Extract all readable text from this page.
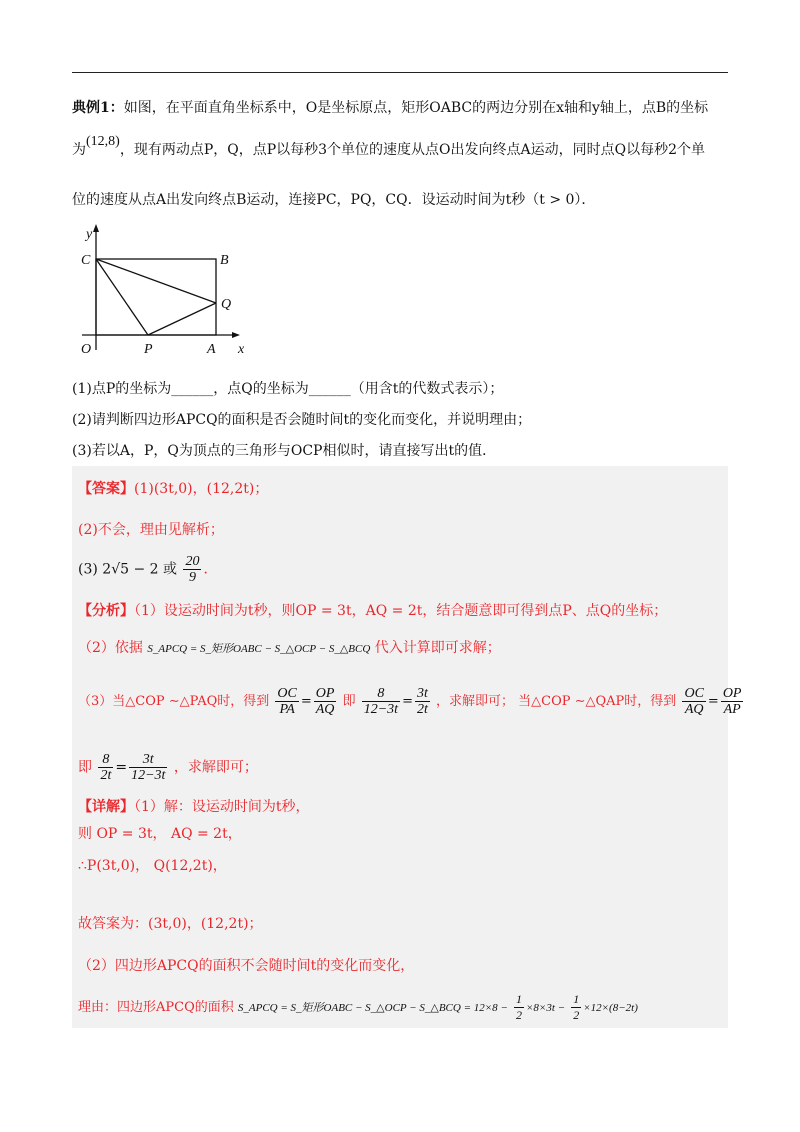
典例1：如图，在平面直角坐标系中，O是坐标原点，矩形OABC的两边分别在x轴和y轴上，点B的坐标
为(12,8)，现有两动点P，Q，点P以每秒3个单位的速度从点O出发向终点A运动，同时点Q以每秒2个单
位的速度从点A出发向终点B运动，连接PC，PQ，CQ．设运动时间为t秒（t > 0）．
y
x
O	A
B
C
P
Q
(1)点P的坐标为______，点Q的坐标为______（用含t的代数式表示）；
(2)请判断四边形APCQ的面积是否会随时间t的变化而变化，并说明理由；
(3)若以A，P，Q为顶点的三角形与OCP相似时，请直接写出t的值．
【答案】(1)(3t,0)，(12,2t)；
(2)不会，理由见解析；
(3) 2√5 − 2 或 $\frac{20}{9}$ ．
【分析】（1）设运动时间为t秒，则OP = 3t，AQ = 2t，结合题意即可得到点P、点Q的坐标；
（2）依据 S_APCQ = S_矩形OABC − S_△OCP − S_△BCQ 代入计算即可求解；
（3）当△COP ∼△PAQ时，得到 $\frac{OC}{PA} = \frac{OP}{AQ}$ 即 $\frac{8}{12-3t} = \frac{3t}{2t}$ ，求解即可； 当△COP ∼△QAP时，得到 $\frac{OC}{AQ} = \frac{OP}{AP}$
即 $\frac{8}{2t} = \frac{3t}{12-3t}$ ，求解即可；
【详解】（1）解：设运动时间为t秒，
则 OP = 3t， AQ = 2t，
∴P(3t,0)， Q(12,2t)，
故答案为：(3t,0)，(12,2t)；
（2）四边形APCQ的面积不会随时间t的变化而变化，
理由：四边形APCQ的面积 S_APCQ = S_矩形OABC − S_△OCP − S_△BCQ = $12\times 8 - \frac{1}{2} \times 8\times 3t - \frac{1}{2} \times 12\times(8-2t)$
